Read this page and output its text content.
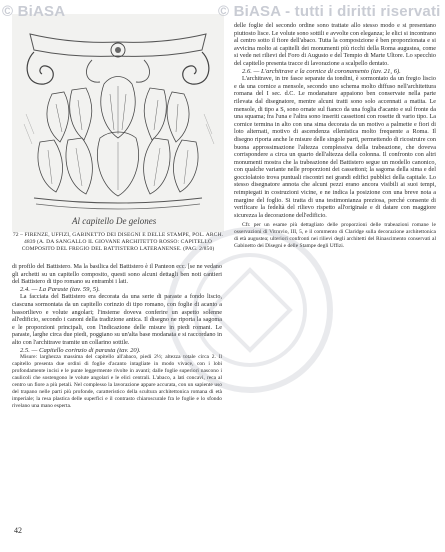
Al capitello De gelones
72 – FIRENZE, UFFIZI, GABINETTO DEI DISEGNI E DELLE STAMPE, POL. ARCH. 4839 (A. DA SANGALLO IL GIOVANE ARCHITETTO ROSSO: CAPITELLO COMPOSITO DEL FREGIO DEL BATTISTERO LATERANENSE. (PAG. 2/850)

di profilo del Battistero. Ma la basilica del Battistero è il Panteon ecc. [se ne vedano gli archetti su un capitello composito, questi sono alcuni dettagli ben noti cantieri del Battistero di tipo romano su entrambi i lati.

2.4. — La Paraste (tav. 59, 5).

La facciata del Battistero era decorata da una serie di paraste a fondo liscio, ciascuna sormontata da un capitello corinzio di tipo romano, con foglie di acanto a bassorilievo e volute angolari; l'insieme doveva conferire un aspetto solenne all'edificio, secondo i canoni della tradizione antica. Il disegno ne riporta la sagoma e le proporzioni principali, con l'indicazione delle misure in piedi romani. Le paraste, larghe circa due piedi, poggiano su un'alta base modanata e si raccordano in alto con l'architrave tramite un collarino sottile.

2.5. — Capitello corinzio di parasta (tav. 20).

Misure: larghezza massima del capitello all'abaco, piedi 2½; altezza totale circa 2. Il capitello presenta due ordini di foglie d'acanto intagliate in modo vivace, con i lobi profondamente incisi e le punte leggermente rivolte in avanti; dalle foglie superiori nascono i caulicoli che sostengono le volute angolari e le elici centrali. L'abaco, a lati concavi, reca al centro un fiore a più petali. Nel complesso la lavorazione appare accurata, con un sapiente uso del trapano nelle parti più profonde, caratteristico della scultura architettonica romana di età imperiale; la resa plastica delle superfici e il contrasto chiaroscurale fra le foglie e lo sfondo rivelano una mano esperta.

delle foglie del secondo ordine sono trattate allo stesso modo e si presentano piuttosto lisce. Le volute sono sottili e avvolte con eleganza; le elici si incontrano al centro sotto il fiore dell'abaco. Tutta la composizione è ben proporzionata e si avvicina molto ai capitelli dei monumenti più ricchi della Roma augustea, come si vede nei rilievi del Foro di Augusto e del Tempio di Marte Ultore. Lo specchio del capitello presenta tracce di lavorazione a scalpello dentato.

2.6. — L'architrave e la cornice di coronamento (tav. 21, 6).

L'architrave, in tre fasce separate da tondini, è sormontato da un fregio liscio e da una cornice a mensole, secondo uno schema molto diffuso nell'architettura romana del I sec. d.C. Le modanature appaiono ben conservate nella parte rilevata dal disegnatore, mentre alcuni tratti sono solo accennati a matita. Le mensole, di tipo a S, sono ornate sul fianco da una foglia d'acanto e sul fronte da una squama; fra l'una e l'altra sono inseriti cassettoni con rosette di vario tipo. La cornice termina in alto con una sima decorata da un motivo a palmette e fiori di loto alternati, motivo di ascendenza ellenistica molto frequente a Roma. Il disegno riporta anche le misure delle singole parti, permettendo di ricostruire con buona approssimazione l'altezza complessiva della trabeazione, che doveva corrispondere a circa un quarto dell'altezza della colonna. Il confronto con altri monumenti mostra che la trabeazione del Battistero segue un modello canonico, con qualche variante nelle proporzioni dei cassettoni; la sagoma della sima e del gocciolatoio trova puntuali riscontri nei grandi edifici pubblici della capitale. Lo stesso disegnatore annota che alcuni pezzi erano ancora visibili ai suoi tempi, reimpiegati in costruzioni vicine, e ne indica la posizione con una breve nota a margine del foglio. Si tratta di una testimonianza preziosa, perché consente di verificare la fedeltà del rilievo rispetto all'originale e di datare con maggiore sicurezza la decorazione dell'edificio.

Cfr. per un esame più dettagliato delle proporzioni delle trabeazioni romane le osservazioni di Vitruvio, III, 5, e il commento di Claridge sulla decorazione architettonica di età augustea; ulteriori confronti nei rilievi degli architetti del Rinascimento conservati al Gabinetto dei Disegni e delle Stampe degli Uffizi.

42
© BiASA	© BiASA - tutti i diritti riservati
